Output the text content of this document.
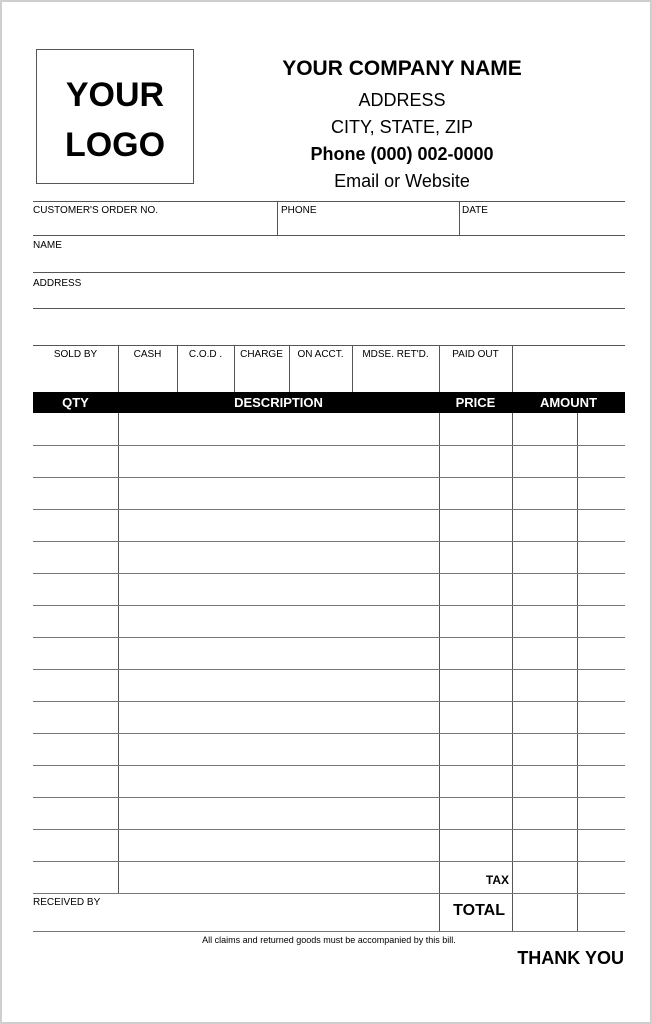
YOUR
LOGO
YOUR COMPANY NAME
ADDRESS
CITY, STATE, ZIP
Phone (000) 002-0000
Email or Website
CUSTOMER'S ORDER NO.	PHONE	DATE
NAME
ADDRESS
SOLD BY	CASH	C.O.D .	CHARGE	ON ACCT.	MDSE. RET'D.	PAID OUT
QTY	DESCRIPTION	PRICE	AMOUNT
TAX
TOTAL
RECEIVED BY
All claims and returned goods must be accompanied by this bill.
THANK YOU
